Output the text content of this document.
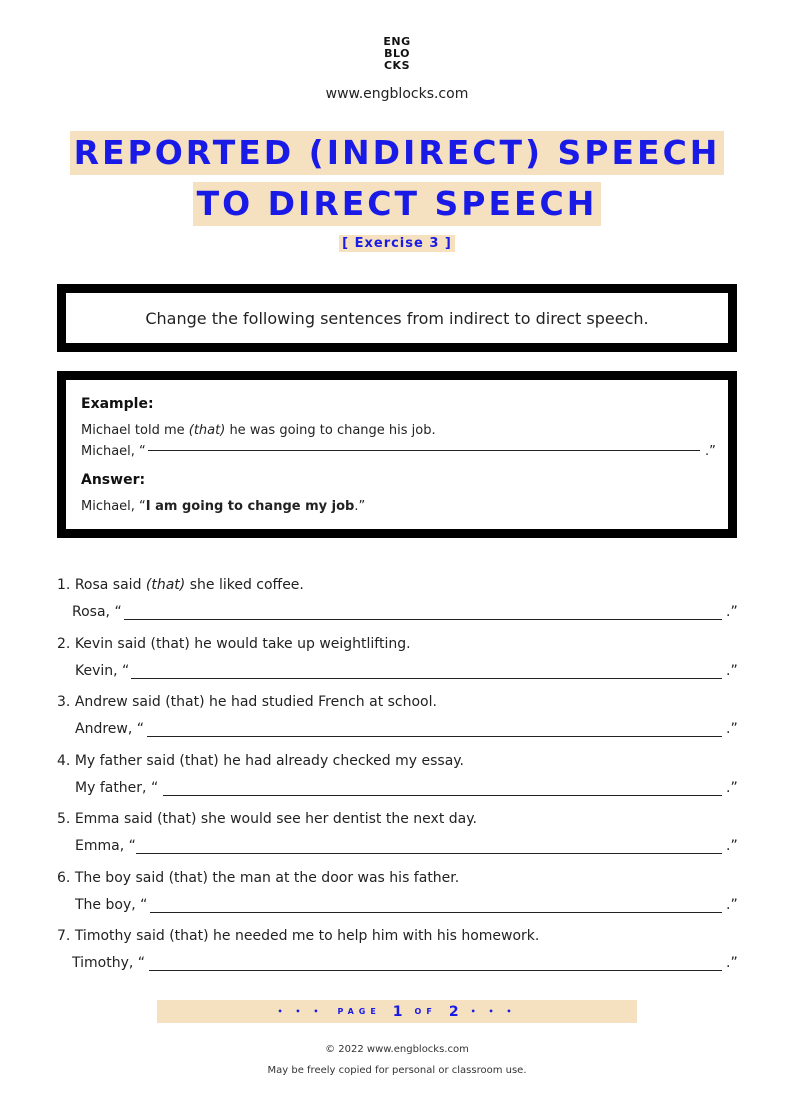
ENG
BLO
CKS
www.engblocks.com
REPORTED (INDIRECT) SPEECH
TO DIRECT SPEECH
[ Exercise 3 ]
Change the following sentences from indirect to direct speech.
Example:
Michael told me (that) he was going to change his job.
Michael, “	.”
Answer:
Michael, “I am going to change my job.”
1. Rosa said (that) she liked coffee.
Rosa, “	.”
2. Kevin said (that) he would take up weightlifting.
Kevin, “	.”
3. Andrew said (that) he had studied French at school.
Andrew, “	.”
4. My father said (that) he had already checked my essay.
My father, “	.”
5. Emma said (that) she would see her dentist the next day.
Emma, “	.”
6. The boy said (that) the man at the door was his father.
The boy, “	.”
7. Timothy said (that) he needed me to help him with his homework.
Timothy, “	.”
• • • PAGE 1 OF 2 • • •
© 2022 www.engblocks.com
May be freely copied for personal or classroom use.
